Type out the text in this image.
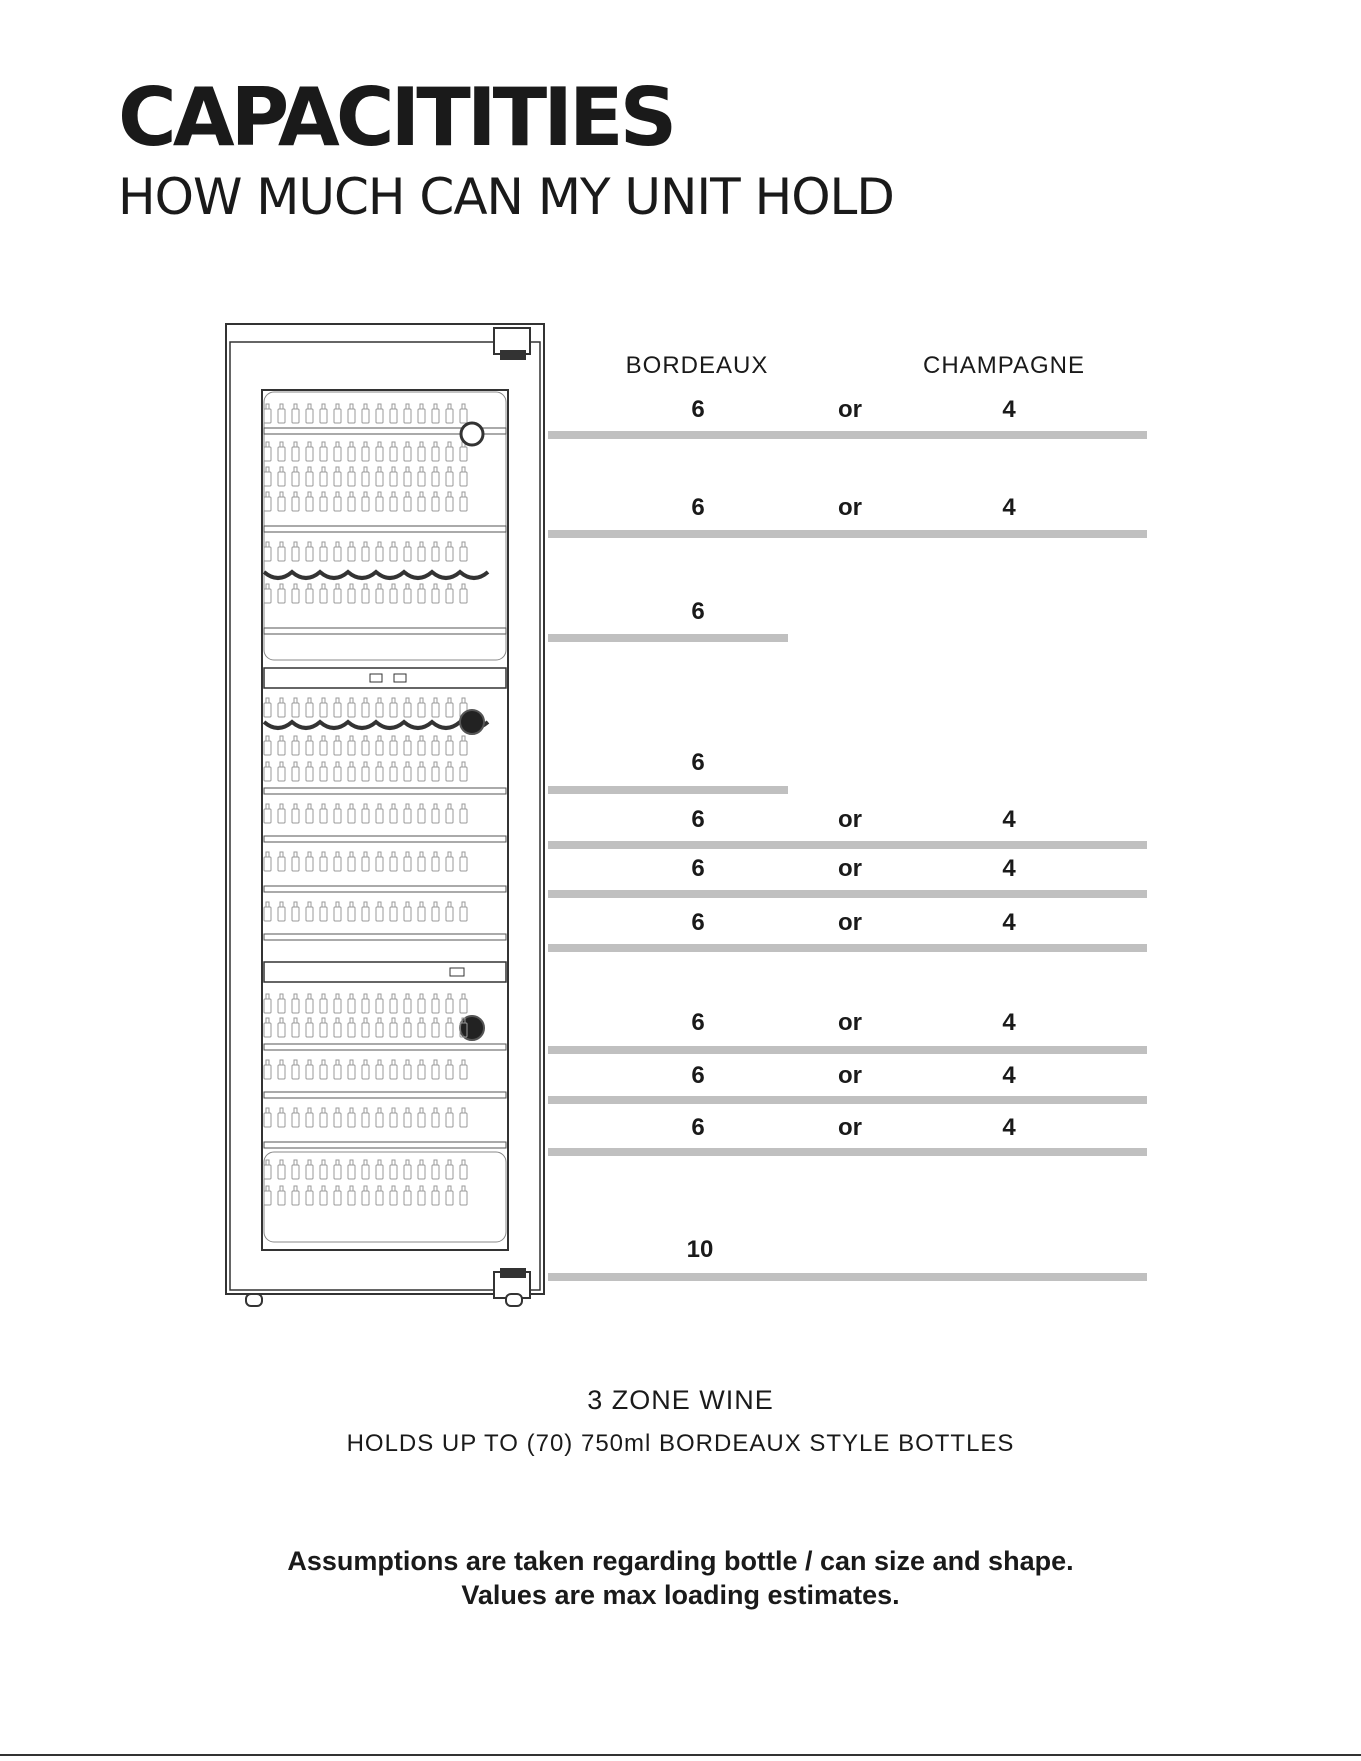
CAPACITITIES
HOW MUCH CAN MY UNIT HOLD
BORDEAUX	CHAMPAGNE
6	or	4
6	or	4
6
6
6	or	4
6	or	4
6	or	4
6	or	4
6	or	4
6	or	4
10
3 ZONE WINE
HOLDS UP TO (70) 750ml BORDEAUX STYLE BOTTLES
Assumptions are taken regarding bottle / can size and shape.
Values are max loading estimates.
